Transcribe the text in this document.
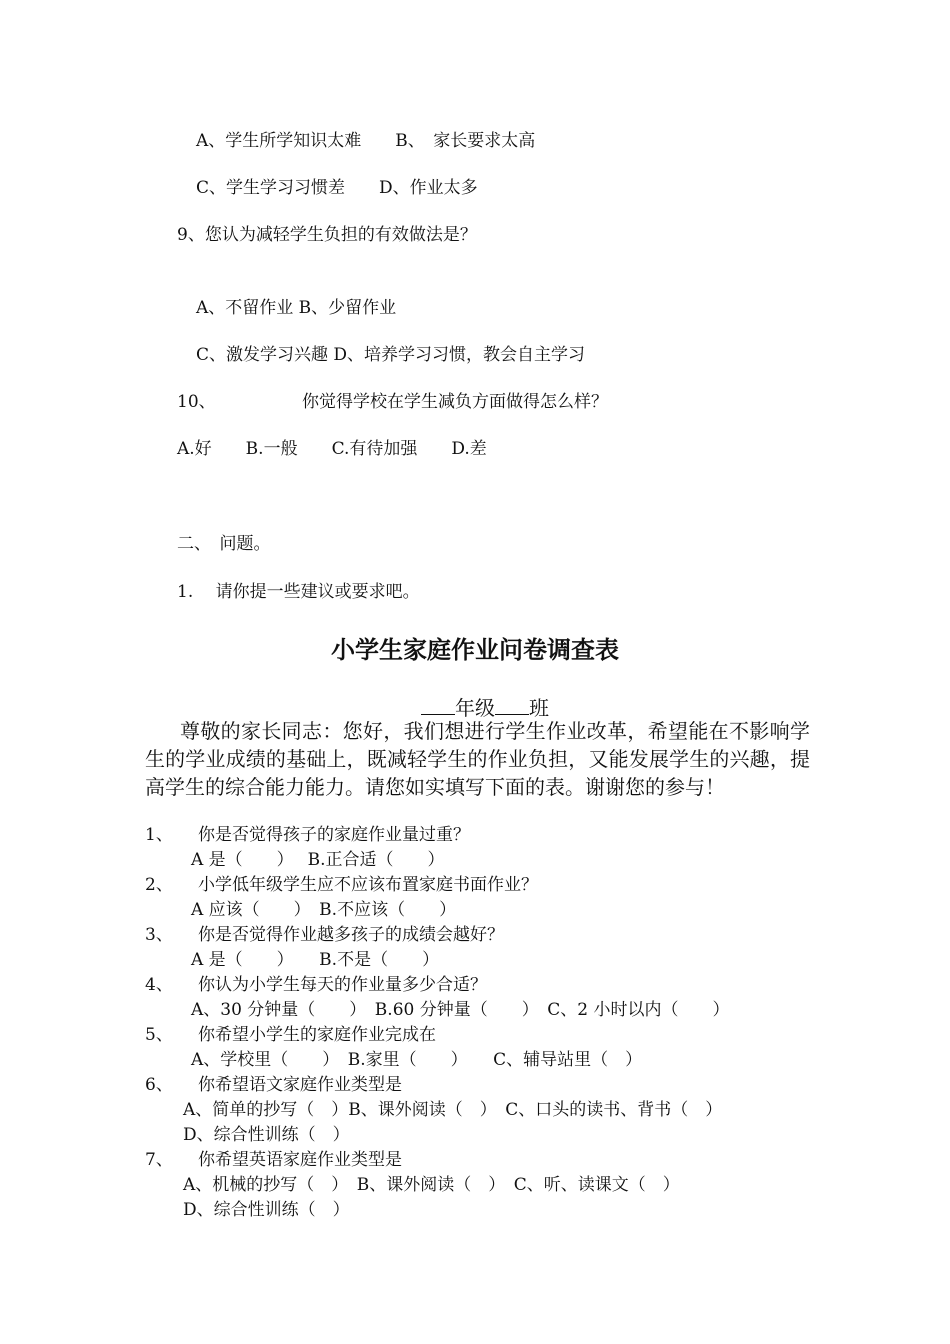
A、学生所学知识太难　　B、　家长要求太高
C、学生学习习惯差　　D、作业太多
9、您认为减轻学生负担的有效做法是？
A、不留作业 B、少留作业
C、激发学习兴趣 D、培养学习习惯，教会自主学习
10、	你觉得学校在学生减负方面做得怎么样？
A.好　　B.一般　　C.有待加强　　D.差
二、　问题。
1.　 请你提一些建议或要求吧。
小学生家庭作业问卷调查表
年级 班
尊敬的家长同志：您好，我们想进行学生作业改革，希望能在不影响学生的学业成绩的基础上，既减轻学生的作业负担，又能发展学生的兴趣，提高学生的综合能力能力。请您如实填写下面的表。谢谢您的参与！
1、 你是否觉得孩子的家庭作业量过重？
A 是（　　）　 B.正合适（　　）
2、 小学低年级学生应不应该布置家庭书面作业？
A 应该（　　）　B.不应该（　　）
3、 你是否觉得作业越多孩子的成绩会越好？
A 是（　　）　　B.不是（　　）
4、 你认为小学生每天的作业量多少合适？
A、30 分钟量（　　）　B.60 分钟量（　　）　C、2 小时以内（　　）
5、 你希望小学生的家庭作业完成在
A、学校里（　　）　B.家里（　　）　　C、辅导站里（　）
6、 你希望语文家庭作业类型是
A、简单的抄写（　）B、课外阅读（　）　C、口头的读书、背书（　）
D、综合性训练（　）
7、 你希望英语家庭作业类型是
A、机械的抄写（　）　B、课外阅读（　）　C、听、读课文（　）
D、综合性训练（　）
